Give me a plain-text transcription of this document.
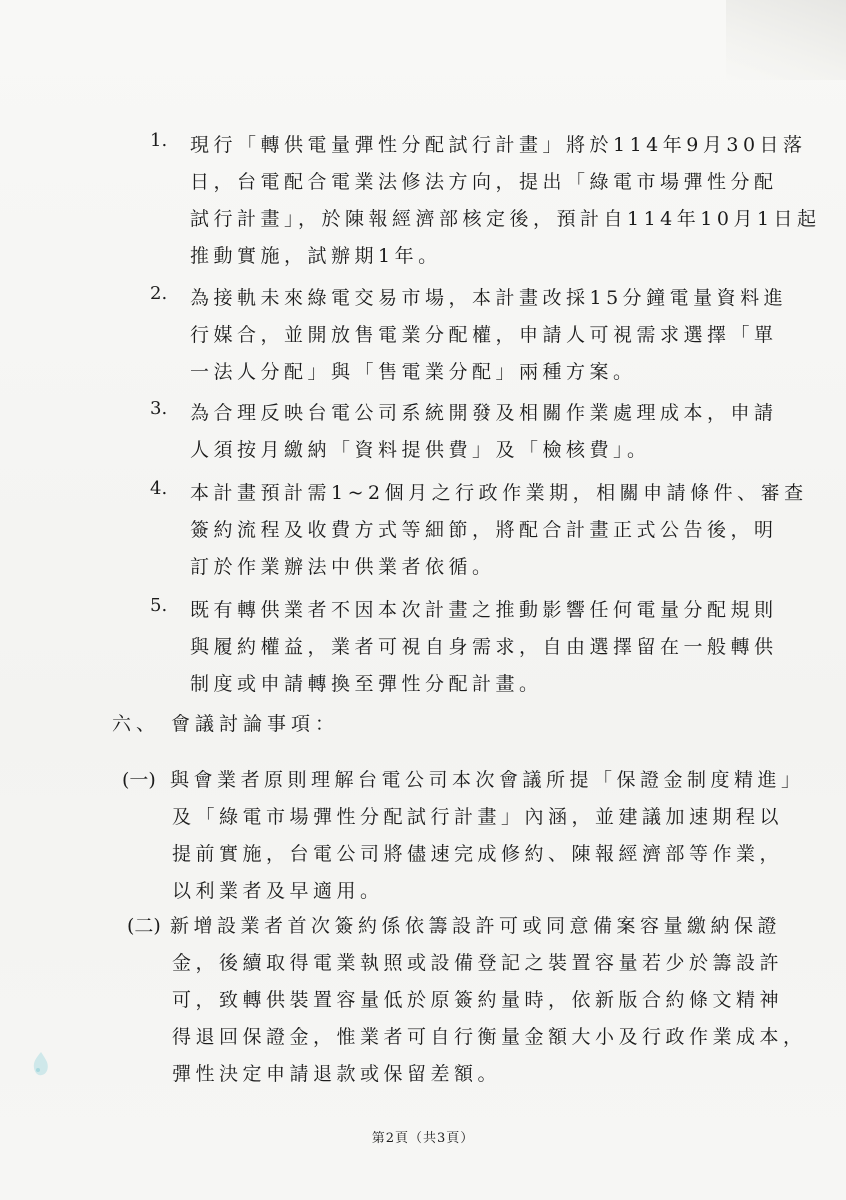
1. 現行「轉供電量彈性分配試行計畫」將於114年9月30日落
日，台電配合電業法修法方向，提出「綠電市場彈性分配
試行計畫」，於陳報經濟部核定後，預計自114年10月1日起
推動實施，試辦期1年。
2. 為接軌未來綠電交易市場，本計畫改採15分鐘電量資料進
行媒合，並開放售電業分配權，申請人可視需求選擇「單
一法人分配」與「售電業分配」兩種方案。
3. 為合理反映台電公司系統開發及相關作業處理成本，申請
人須按月繳納「資料提供費」及「檢核費」。
4. 本計畫預計需1~2個月之行政作業期，相關申請條件、審查
簽約流程及收費方式等細節，將配合計畫正式公告後，明
訂於作業辦法中供業者依循。
5. 既有轉供業者不因本次計畫之推動影響任何電量分配規則
與履約權益，業者可視自身需求，自由選擇留在一般轉供
制度或申請轉換至彈性分配計畫。
六、 會議討論事項：
(一) 與會業者原則理解台電公司本次會議所提「保證金制度精進」
及「綠電市場彈性分配試行計畫」內涵，並建議加速期程以
提前實施，台電公司將儘速完成修約、陳報經濟部等作業，
以利業者及早適用。
(二) 新增設業者首次簽約係依籌設許可或同意備案容量繳納保證
金，後續取得電業執照或設備登記之裝置容量若少於籌設許
可，致轉供裝置容量低於原簽約量時，依新版合約條文精神
得退回保證金，惟業者可自行衡量金額大小及行政作業成本，
彈性決定申請退款或保留差額。
第2頁（共3頁）
